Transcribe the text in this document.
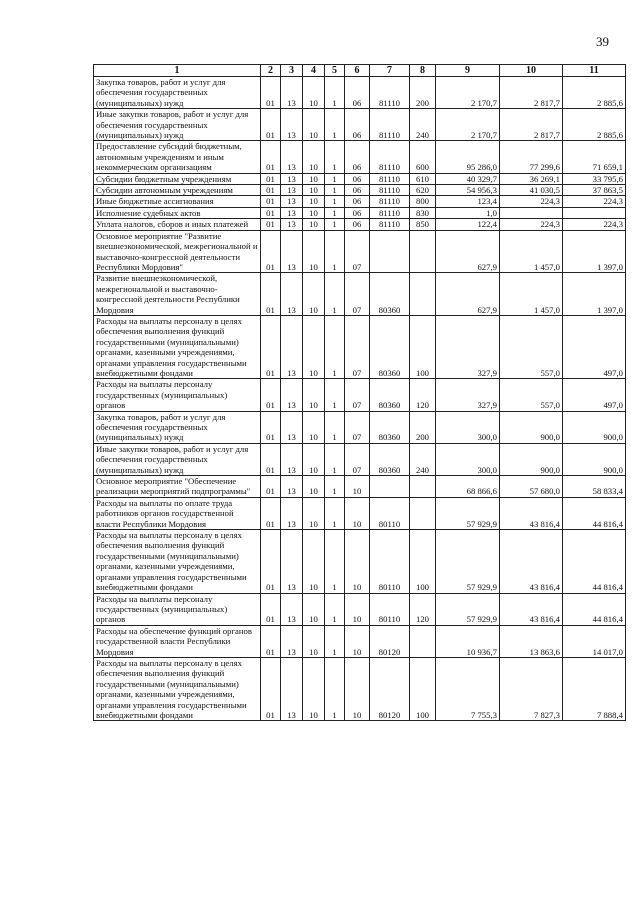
39
1	2	3	4	5	6	7	8	9	10	11
Закупка товаров, работ и услуг для обеспечения государственных (муниципальных) нужд	01	13	10	1	06	81110	200	2 170,7	2 817,7	2 885,6
Иные закупки товаров, работ и услуг для обеспечения государственных (муниципальных) нужд	01	13	10	1	06	81110	240	2 170,7	2 817,7	2 885,6
Предоставление субсидий бюджетным, автономным учреждениям и иным некоммерческим организациям	01	13	10	1	06	81110	600	95 286,0	77 299,6	71 659,1
Субсидии бюджетным учреждениям	01	13	10	1	06	81110	610	40 329,7	36 269,1	33 795,6
Субсидии автономным учреждениям	01	13	10	1	06	81110	620	54 956,3	41 030,5	37 863,5
Иные бюджетные ассигнования	01	13	10	1	06	81110	800	123,4	224,3	224,3
Исполнение судебных актов	01	13	10	1	06	81110	830	1,0		
Уплата налогов, сборов и иных платежей	01	13	10	1	06	81110	850	122,4	224,3	224,3
Основное мероприятие "Развитие внешнеэкономической, межрегиональной и выставочно-конгрессной деятельности Республики Мордовия"	01	13	10	1	07			627,9	1 457,0	1 397,0
Развитие внешнеэкономической, межрегиональной и выставочно-конгрессной деятельности Республики Мордовия	01	13	10	1	07	80360		627,9	1 457,0	1 397,0
Расходы на выплаты персоналу в целях обеспечения выполнения функций государственными (муниципальными) органами, казенными учреждениями, органами управления государственными внебюджетными фондами	01	13	10	1	07	80360	100	327,9	557,0	497,0
Расходы на выплаты персоналу государственных (муниципальных) органов	01	13	10	1	07	80360	120	327,9	557,0	497,0
Закупка товаров, работ и услуг для обеспечения государственных (муниципальных) нужд	01	13	10	1	07	80360	200	300,0	900,0	900,0
Иные закупки товаров, работ и услуг для обеспечения государственных (муниципальных) нужд	01	13	10	1	07	80360	240	300,0	900,0	900,0
Основное мероприятие "Обеспечение реализации мероприятий подпрограммы"	01	13	10	1	10			68 866,6	57 680,0	58 833,4
Расходы на выплаты по оплате труда работников органов государственной власти Республики Мордовия	01	13	10	1	10	80110		57 929,9	43 816,4	44 816,4
Расходы на выплаты персоналу в целях обеспечения выполнения функций государственными (муниципальными) органами, казенными учреждениями, органами управления государственными внебюджетными фондами	01	13	10	1	10	80110	100	57 929,9	43 816,4	44 816,4
Расходы на выплаты персоналу государственных (муниципальных) органов	01	13	10	1	10	80110	120	57 929,9	43 816,4	44 816,4
Расходы на обеспечение функций органов государственной власти Республики Мордовия	01	13	10	1	10	80120		10 936,7	13 863,6	14 017,0
Расходы на выплаты персоналу в целях обеспечения выполнения функций государственными (муниципальными) органами, казенными учреждениями, органами управления государственными внебюджетными фондами	01	13	10	1	10	80120	100	7 755,3	7 827,3	7 888,4
